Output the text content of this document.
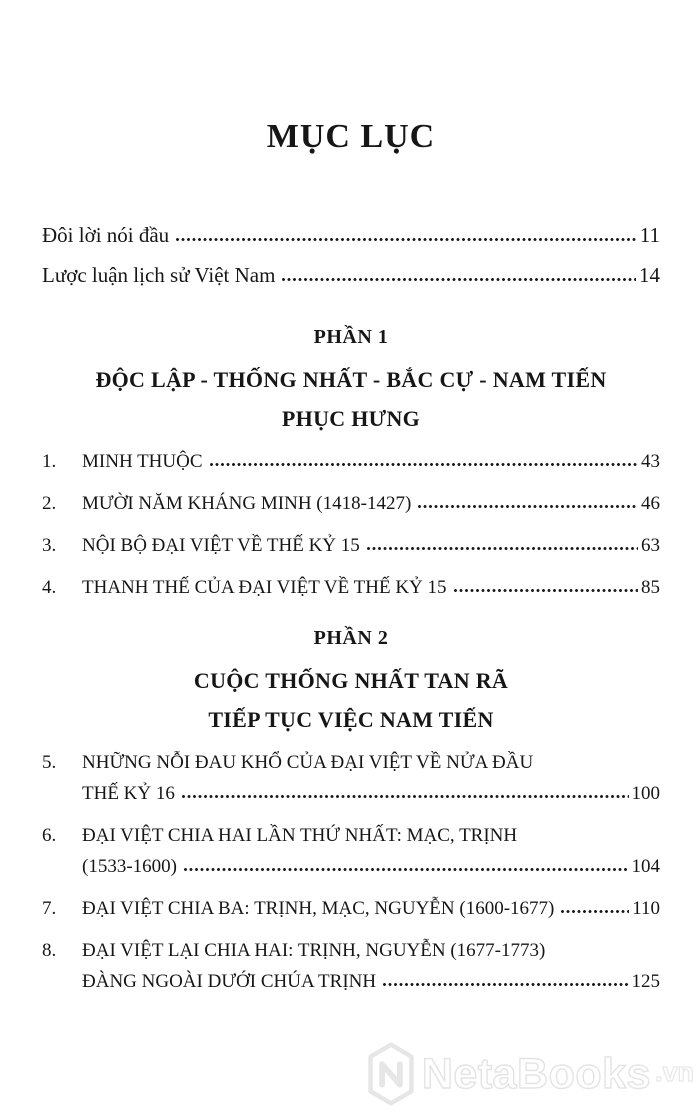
MỤC LỤC
Đôi lời nói đầu	11
Lược luận lịch sử Việt Nam	14
PHẦN 1
ĐỘC LẬP - THỐNG NHẤT - BẮC CỰ - NAM TIẾN
PHỤC HƯNG
1.	MINH THUỘC	43
2.	MƯỜI NĂM KHÁNG MINH (1418-1427)	46
3.	NỘI BỘ ĐẠI VIỆT VỀ THẾ KỶ 15	63
4.	THANH THẾ CỦA ĐẠI VIỆT VỀ THẾ KỶ 15	85
PHẦN 2
CUỘC THỐNG NHẤT TAN RÃ
TIẾP TỤC VIỆC NAM TIẾN
5.	NHỮNG NỖI ĐAU KHỔ CỦA ĐẠI VIỆT VỀ NỬA ĐẦU
THẾ KỶ 16	100
6.	ĐẠI VIỆT CHIA HAI LẦN THỨ NHẤT: MẠC, TRỊNH
(1533-1600)	104
7.	ĐẠI VIỆT CHIA BA: TRỊNH, MẠC, NGUYỄN (1600-1677)	110
8.	ĐẠI VIỆT LẠI CHIA HAI: TRỊNH, NGUYỄN (1677-1773)
ĐÀNG NGOÀI DƯỚI CHÚA TRỊNH	125
NetaBooks .vn
